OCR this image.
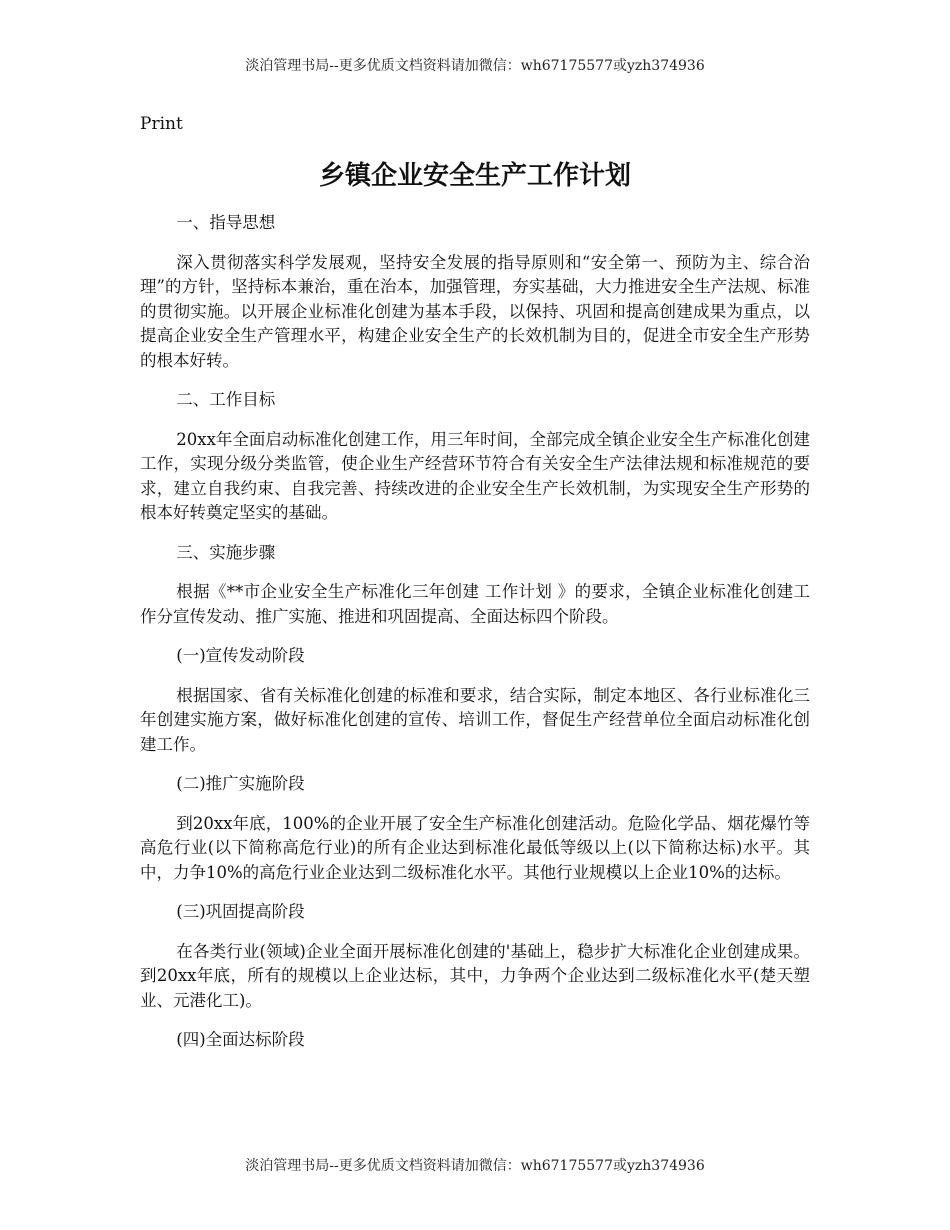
淡泊管理书局--更多优质文档资料请加微信：wh67175577或yzh374936
Print
乡镇企业安全生产工作计划

一、指导思想

深入贯彻落实科学发展观，坚持安全发展的指导原则和“安全第一、预防为主、综合治理”的方针，坚持标本兼治，重在治本，加强管理，夯实基础，大力推进安全生产法规、标准的贯彻实施。以开展企业标准化创建为基本手段，以保持、巩固和提高创建成果为重点，以提高企业安全生产管理水平，构建企业安全生产的长效机制为目的，促进全市安全生产形势的根本好转。

二、工作目标

20xx年全面启动标准化创建工作，用三年时间，全部完成全镇企业安全生产标准化创建工作，实现分级分类监管，使企业生产经营环节符合有关安全生产法律法规和标准规范的要求，建立自我约束、自我完善、持续改进的企业安全生产长效机制，为实现安全生产形势的根本好转奠定坚实的基础。

三、实施步骤

根据《**市企业安全生产标准化三年创建 工作计划 》的要求，全镇企业标准化创建工作分宣传发动、推广实施、推进和巩固提高、全面达标四个阶段。

(一)宣传发动阶段

根据国家、省有关标准化创建的标准和要求，结合实际，制定本地区、各行业标准化三年创建实施方案，做好标准化创建的宣传、培训工作，督促生产经营单位全面启动标准化创建工作。

(二)推广实施阶段

到20xx年底，100%的企业开展了安全生产标准化创建活动。危险化学品、烟花爆竹等高危行业(以下简称高危行业)的所有企业达到标准化最低等级以上(以下简称达标)水平。其中，力争10%的高危行业企业达到二级标准化水平。其他行业规模以上企业10%的达标。

(三)巩固提高阶段

在各类行业(领域)企业全面开展标准化创建的'基础上，稳步扩大标准化企业创建成果。到20xx年底，所有的规模以上企业达标，其中，力争两个企业达到二级标准化水平(楚天塑业、元港化工)。

(四)全面达标阶段

淡泊管理书局--更多优质文档资料请加微信：wh67175577或yzh374936
